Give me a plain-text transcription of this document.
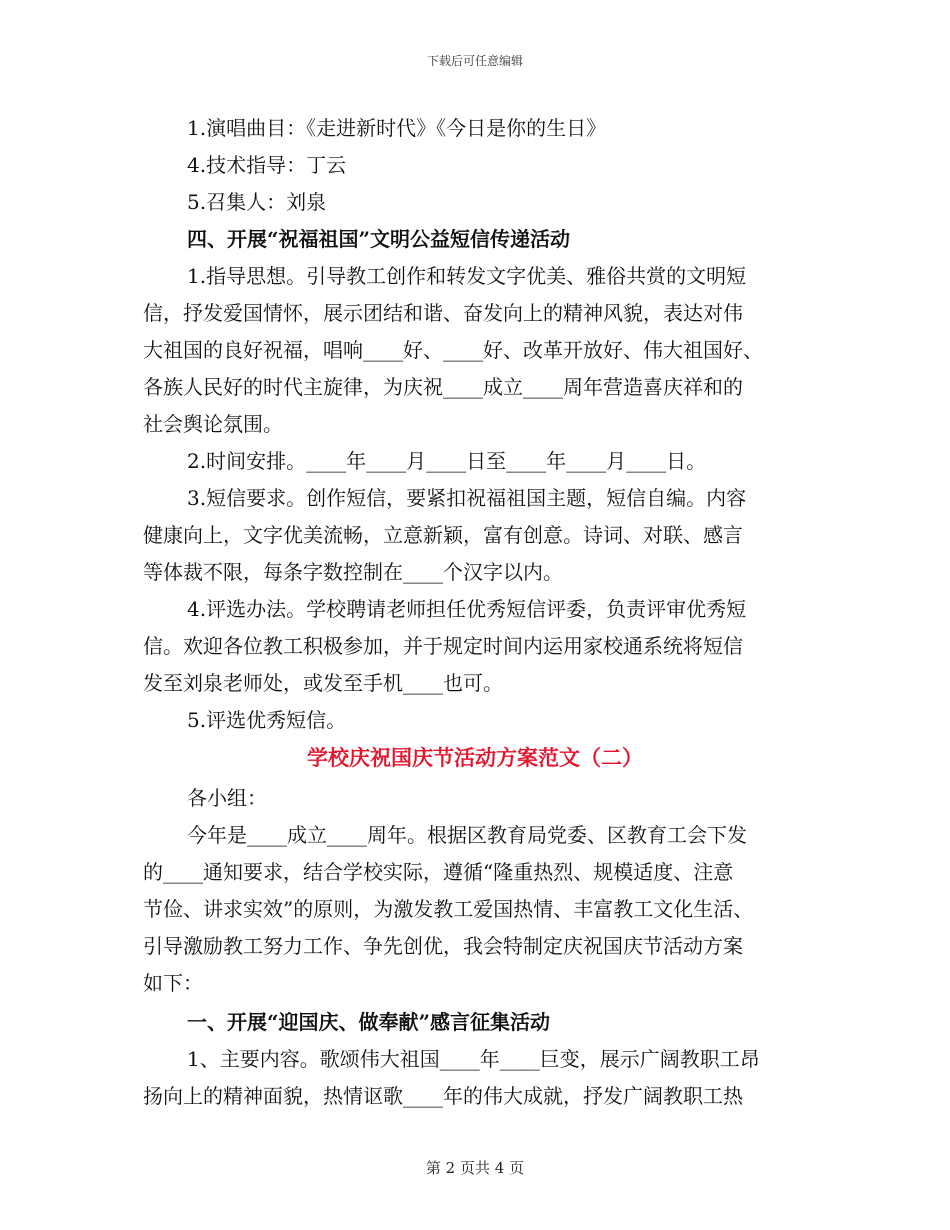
下载后可任意编辑
1.演唱曲目：《走进新时代》《今日是你的生日》
4.技术指导：丁云
5.召集人：刘泉
四、开展“祝福祖国”文明公益短信传递活动
1.指导思想。引导教工创作和转发文字优美、雅俗共赏的文明短
信，抒发爱国情怀，展示团结和谐、奋发向上的精神风貌，表达对伟
大祖国的良好祝福，唱响____好、____好、改革开放好、伟大祖国好、
各族人民好的时代主旋律，为庆祝____成立____周年营造喜庆祥和的
社会舆论氛围。
2.时间安排。____年____月____日至____年____月____日。
3.短信要求。创作短信，要紧扣祝福祖国主题，短信自编。内容
健康向上，文字优美流畅，立意新颖，富有创意。诗词、对联、感言
等体裁不限，每条字数控制在____个汉字以内。
4.评选办法。学校聘请老师担任优秀短信评委，负责评审优秀短
信。欢迎各位教工积极参加，并于规定时间内运用家校通系统将短信
发至刘泉老师处，或发至手机____也可。
5.评选优秀短信。
学校庆祝国庆节活动方案范文（二）
各小组：
今年是____成立____周年。根据区教育局党委、区教育工会下发
的____通知要求，结合学校实际，遵循“隆重热烈、规模适度、注意
节俭、讲求实效”的原则，为激发教工爱国热情、丰富教工文化生活、
引导激励教工努力工作、争先创优，我会特制定庆祝国庆节活动方案
如下：
一、开展“迎国庆、做奉献”感言征集活动
1、主要内容。歌颂伟大祖国____年____巨变，展示广阔教职工昂
扬向上的精神面貌，热情讴歌____年的伟大成就，抒发广阔教职工热
第 2 页共 4 页
